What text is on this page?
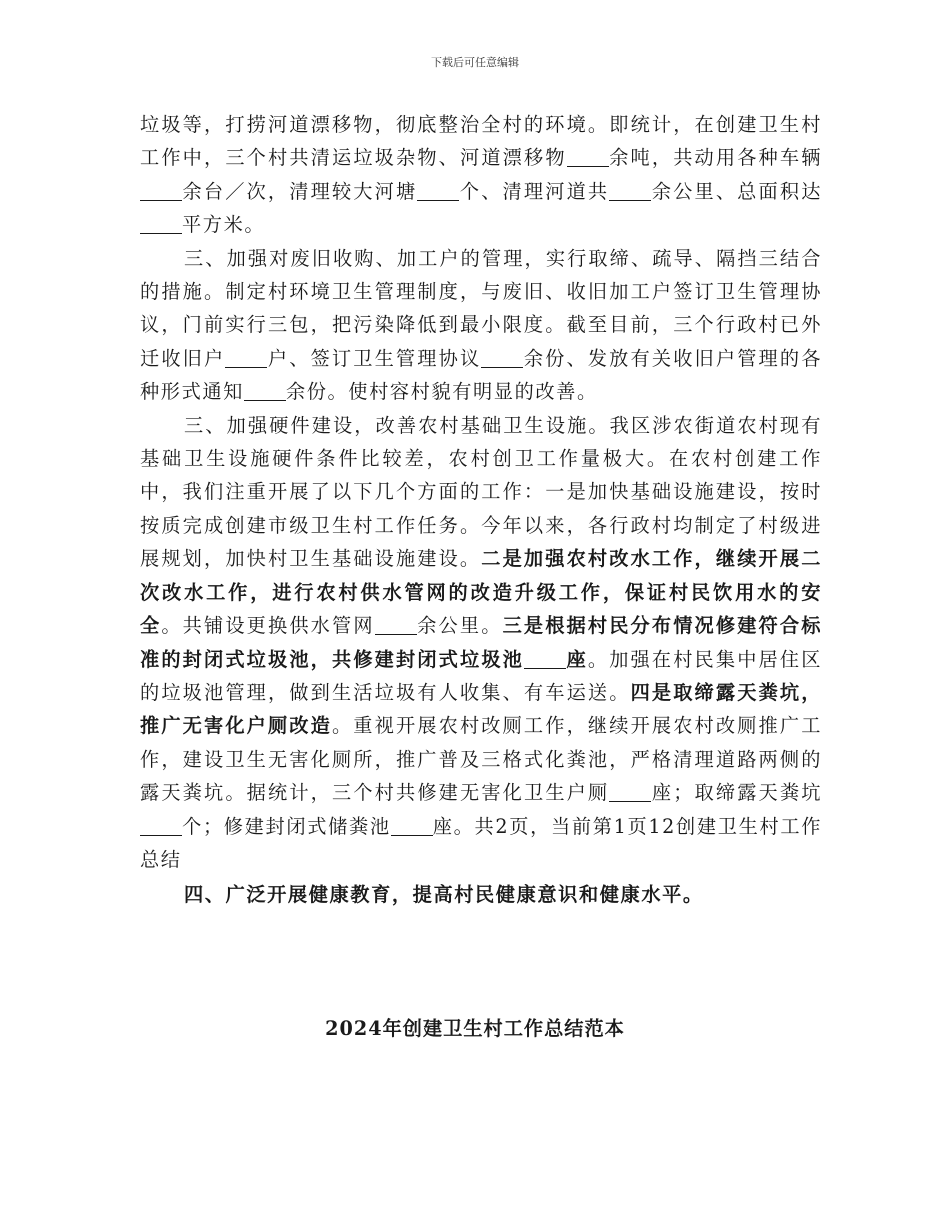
下载后可任意编辑

垃圾等，打捞河道漂移物，彻底整治全村的环境。即统计，在创建卫生村工作中，三个村共清运垃圾杂物、河道漂移物 余吨，共动用各种车辆余台／次，清理较大河塘 个、清理河道共 余公里、总面积达平方米。

三、加强对废旧收购、加工户的管理，实行取缔、疏导、隔挡三结合的措施。制定村环境卫生管理制度，与废旧、收旧加工户签订卫生管理协议，门前实行三包，把污染降低到最小限度。截至目前，三个行政村已外迁收旧户 户、签订卫生管理协议 余份、发放有关收旧户管理的各种形式通知 余份。使村容村貌有明显的改善。

三、加强硬件建设，改善农村基础卫生设施。我区涉农街道农村现有基础卫生设施硬件条件比较差，农村创卫工作量极大。在农村创建工作中，我们注重开展了以下几个方面的工作：一是加快基础设施建设，按时按质完成创建市级卫生村工作任务。今年以来，各行政村均制定了村级进展规划，加快村卫生基础设施建设。二是加强农村改水工作，继续开展二次改水工作，进行农村供水管网的改造升级工作，保证村民饮用水的安全。共铺设更换供水管网 余公里。三是根据村民分布情况修建符合标准的封闭式垃圾池，共修建封闭式垃圾池 座。加强在村民集中居住区的垃圾池管理，做到生活垃圾有人收集、有车运送。四是取缔露天粪坑，推广无害化户厕改造。重视开展农村改厕工作，继续开展农村改厕推广工作，建设卫生无害化厕所，推广普及三格式化粪池，严格清理道路两侧的露天粪坑。据统计，三个村共修建无害化卫生户厕 座；取缔露天粪坑个；修建封闭式储粪池 座。共2页，当前第1页12创建卫生村工作总结

四、广泛开展健康教育，提高村民健康意识和健康水平。

2024年创建卫生村工作总结范本
